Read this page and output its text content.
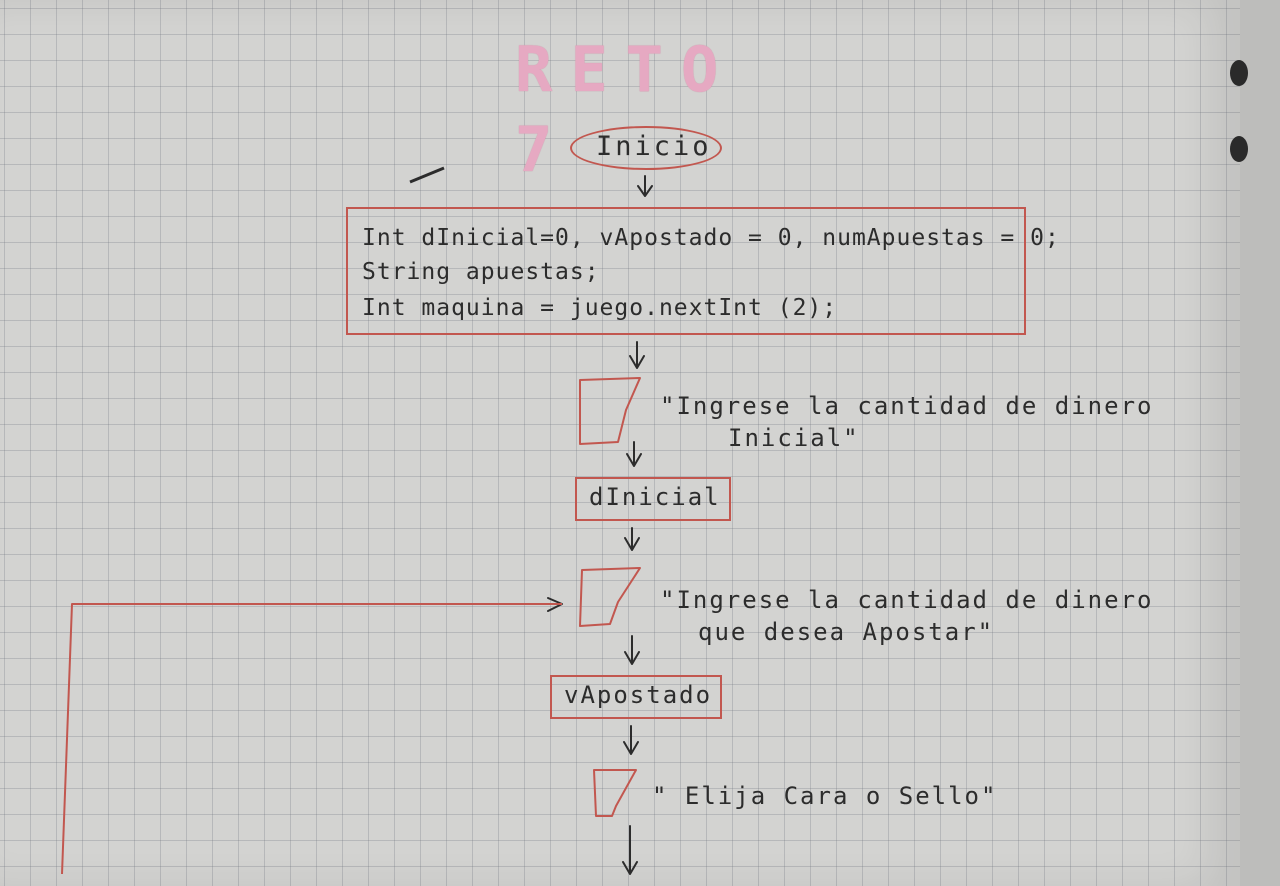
RETO 7 Inicio
Int dInicial=0, vApostado = 0, numApuestas = 0;
String apuestas;
Int maquina = juego.nextInt (2);
"Ingrese la cantidad de dinero
Inicial"
dInicial
"Ingrese la cantidad de dinero
que desea Apostar"
vApostado
" Elija Cara o Sello"
